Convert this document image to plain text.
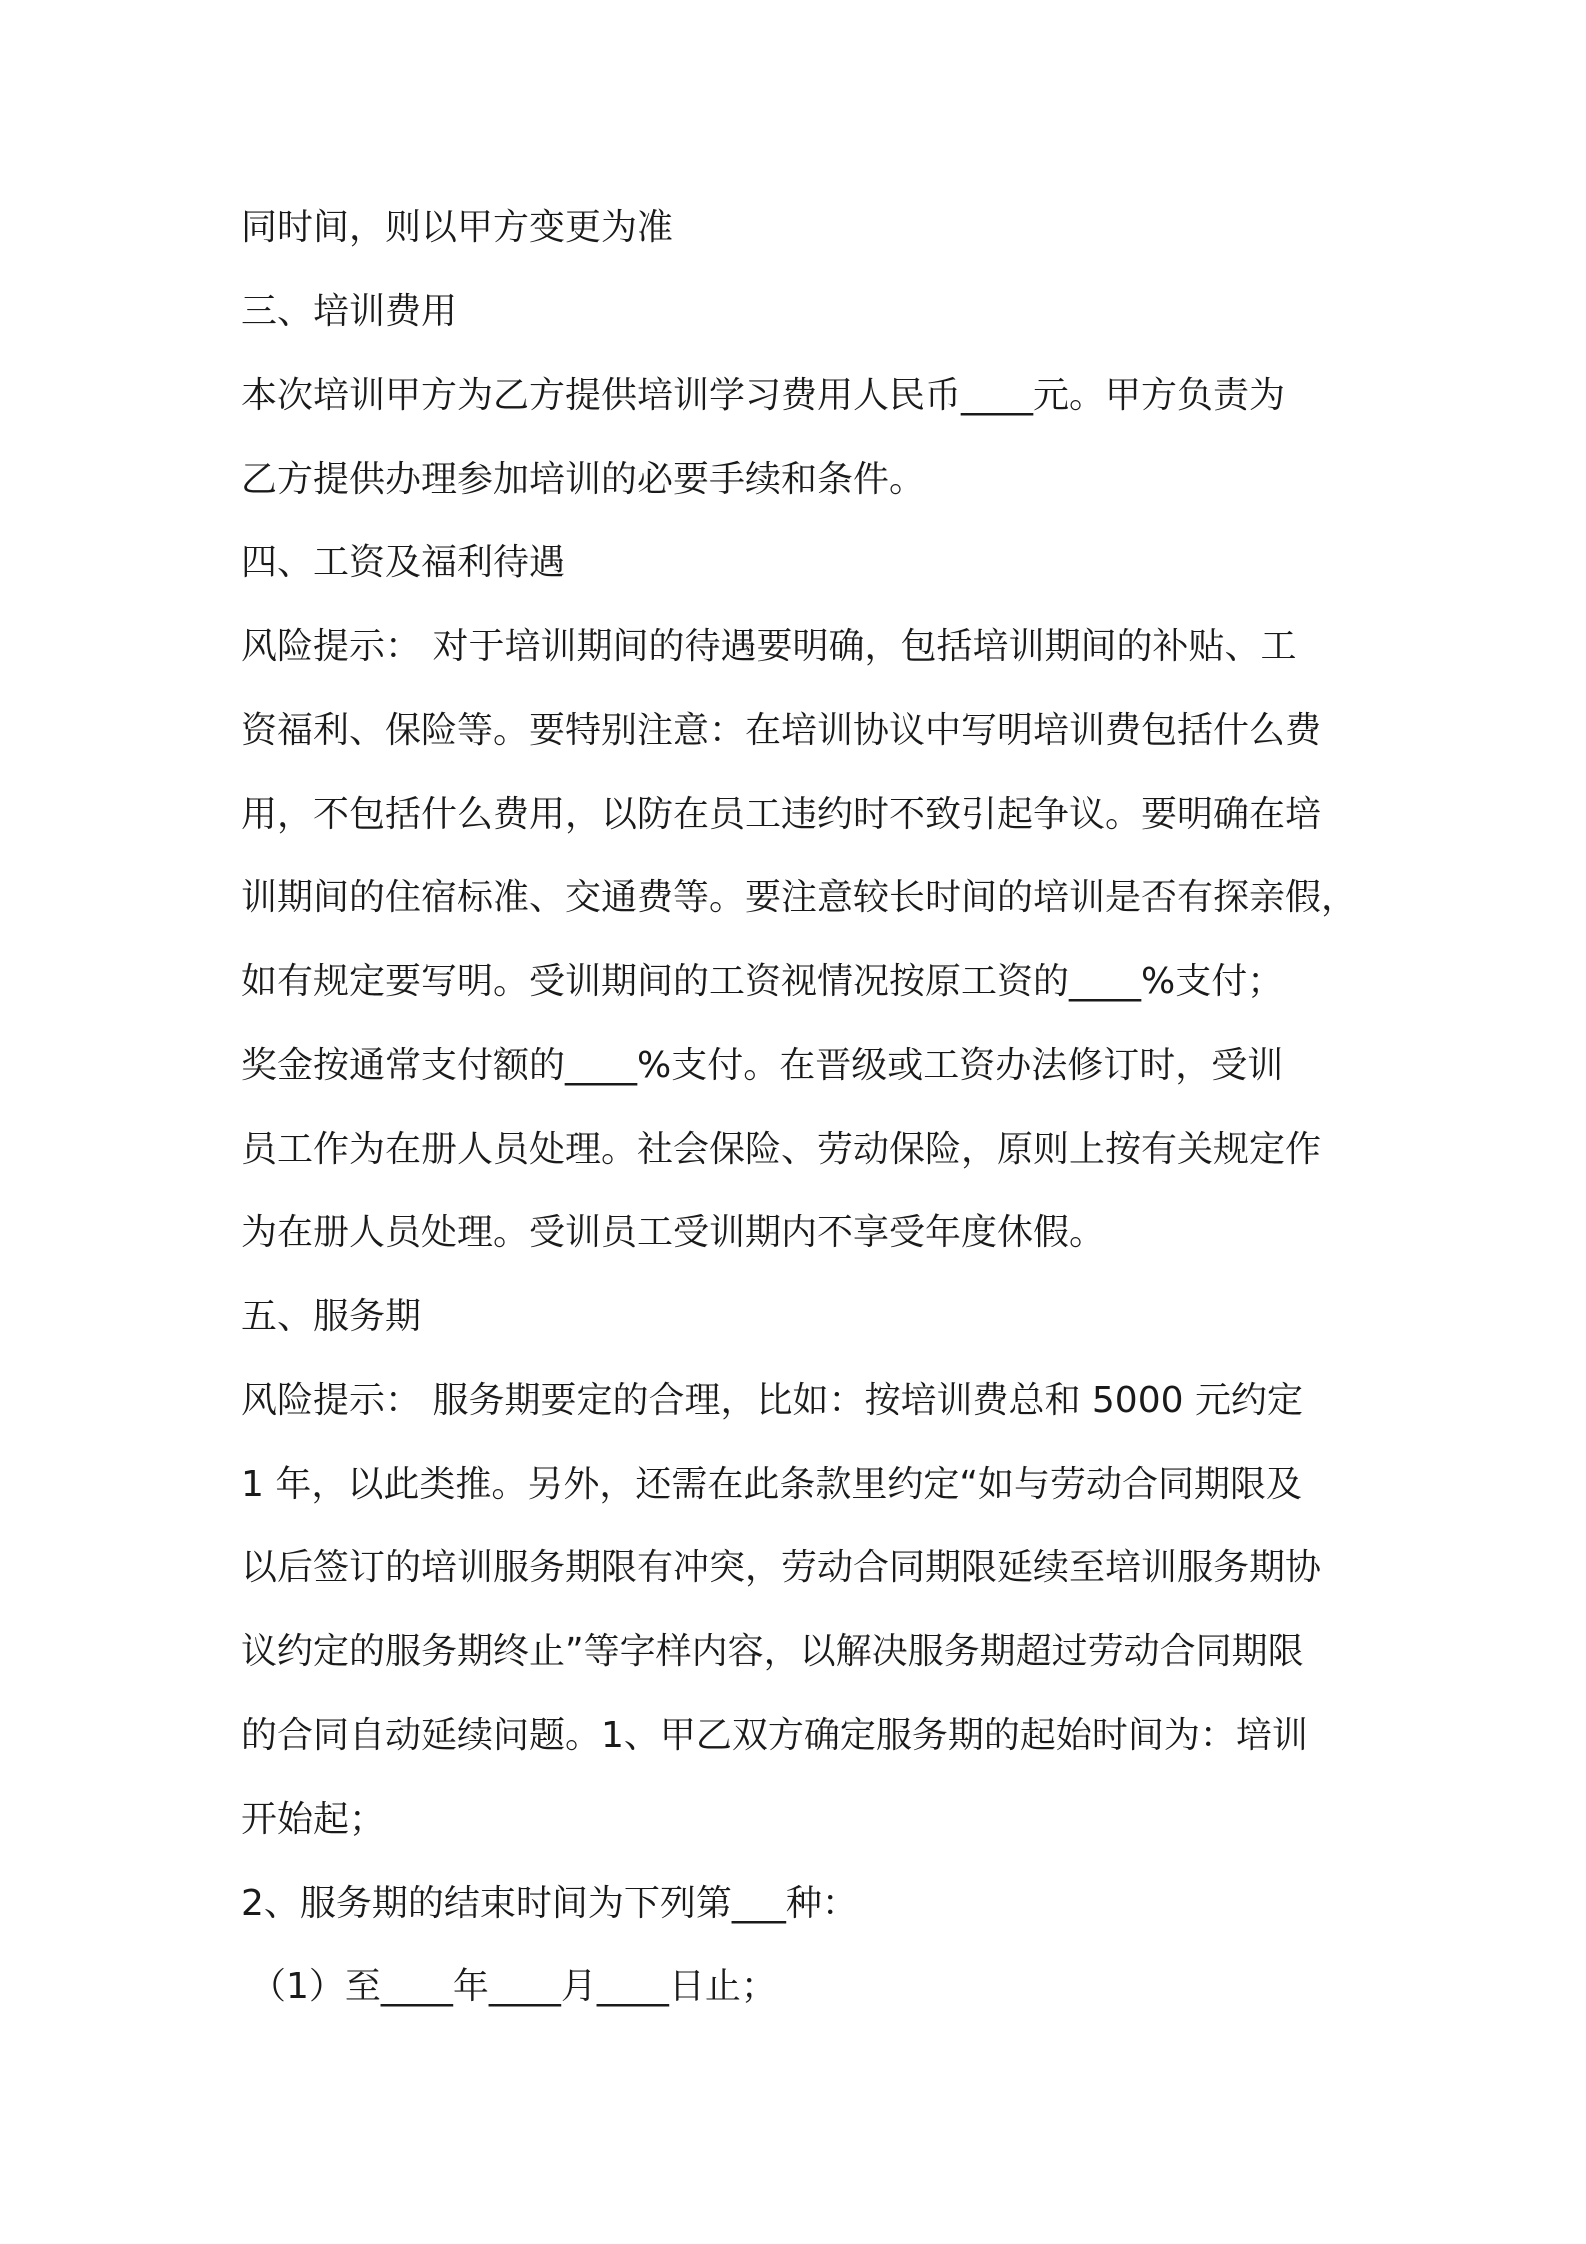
同时间，则以甲方变更为准
三、培训费用
本次培训甲方为乙方提供培训学习费用人民币____元。甲方负责为
乙方提供办理参加培训的必要手续和条件。
四、工资及福利待遇
风险提示： 对于培训期间的待遇要明确，包括培训期间的补贴、工
资福利、保险等。要特别注意：在培训协议中写明培训费包括什么费
用，不包括什么费用，以防在员工违约时不致引起争议。要明确在培
训期间的住宿标准、交通费等。要注意较长时间的培训是否有探亲假，
如有规定要写明。受训期间的工资视情况按原工资的____%支付；
奖金按通常支付额的____%支付。在晋级或工资办法修订时，受训
员工作为在册人员处理。社会保险、劳动保险，原则上按有关规定作
为在册人员处理。受训员工受训期内不享受年度休假。
五、服务期
风险提示： 服务期要定的合理，比如：按培训费总和 5000 元约定
1 年，以此类推。另外，还需在此条款里约定“如与劳动合同期限及
以后签订的培训服务期限有冲突，劳动合同期限延续至培训服务期协
议约定的服务期终止”等字样内容，以解决服务期超过劳动合同期限
的合同自动延续问题。1、甲乙双方确定服务期的起始时间为：培训
开始起；
2、服务期的结束时间为下列第___种：
（1）至____年____月____日止；
